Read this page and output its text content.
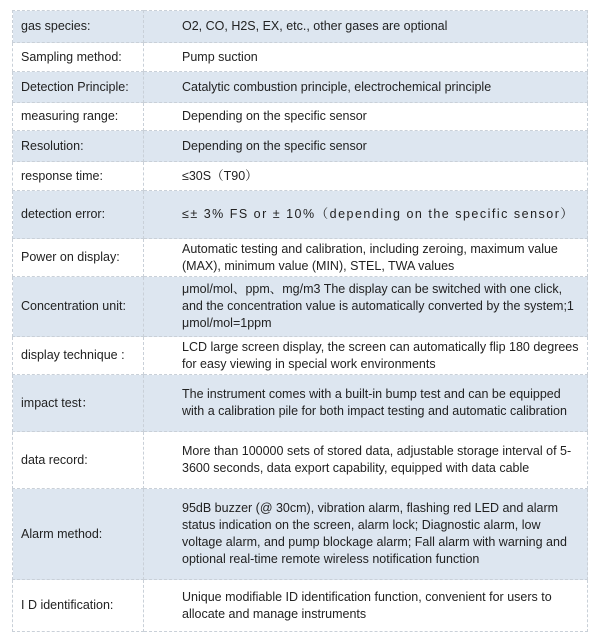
gas species:	O2, CO, H2S, EX, etc., other gases are optional
Sampling method:	Pump suction
Detection Principle:	Catalytic combustion principle, electrochemical principle
measuring range:	Depending on the specific sensor
Resolution:	Depending on the specific sensor
response time:	≤30S（T90）
detection error:	≤± 3% FS or ± 10%（depending on the specific sensor）
Power on display:	Automatic testing and calibration, including zeroing, maximum value (MAX), minimum value (MIN), STEL, TWA values
Concentration unit:	μmol/mol、ppm、mg/m3 The display can be switched with one click, and the concentration value is automatically converted by the system;1 μmol/mol=1ppm
display technique :	LCD large screen display, the screen can automatically flip 180 degrees for easy viewing in special work environments
impact test：	The instrument comes with a built-in bump test and can be equipped with a calibration pile for both impact testing and automatic calibration
data record:	More than 100000 sets of stored data, adjustable storage interval of 5-3600 seconds, data export capability, equipped with data cable
Alarm method:	95dB buzzer (@ 30cm), vibration alarm, flashing red LED and alarm status indication on the screen, alarm lock; Diagnostic alarm, low voltage alarm, and pump blockage alarm; Fall alarm with warning and optional real-time remote wireless notification function
I D identification:	Unique modifiable ID identification function, convenient for users to allocate and manage instruments
